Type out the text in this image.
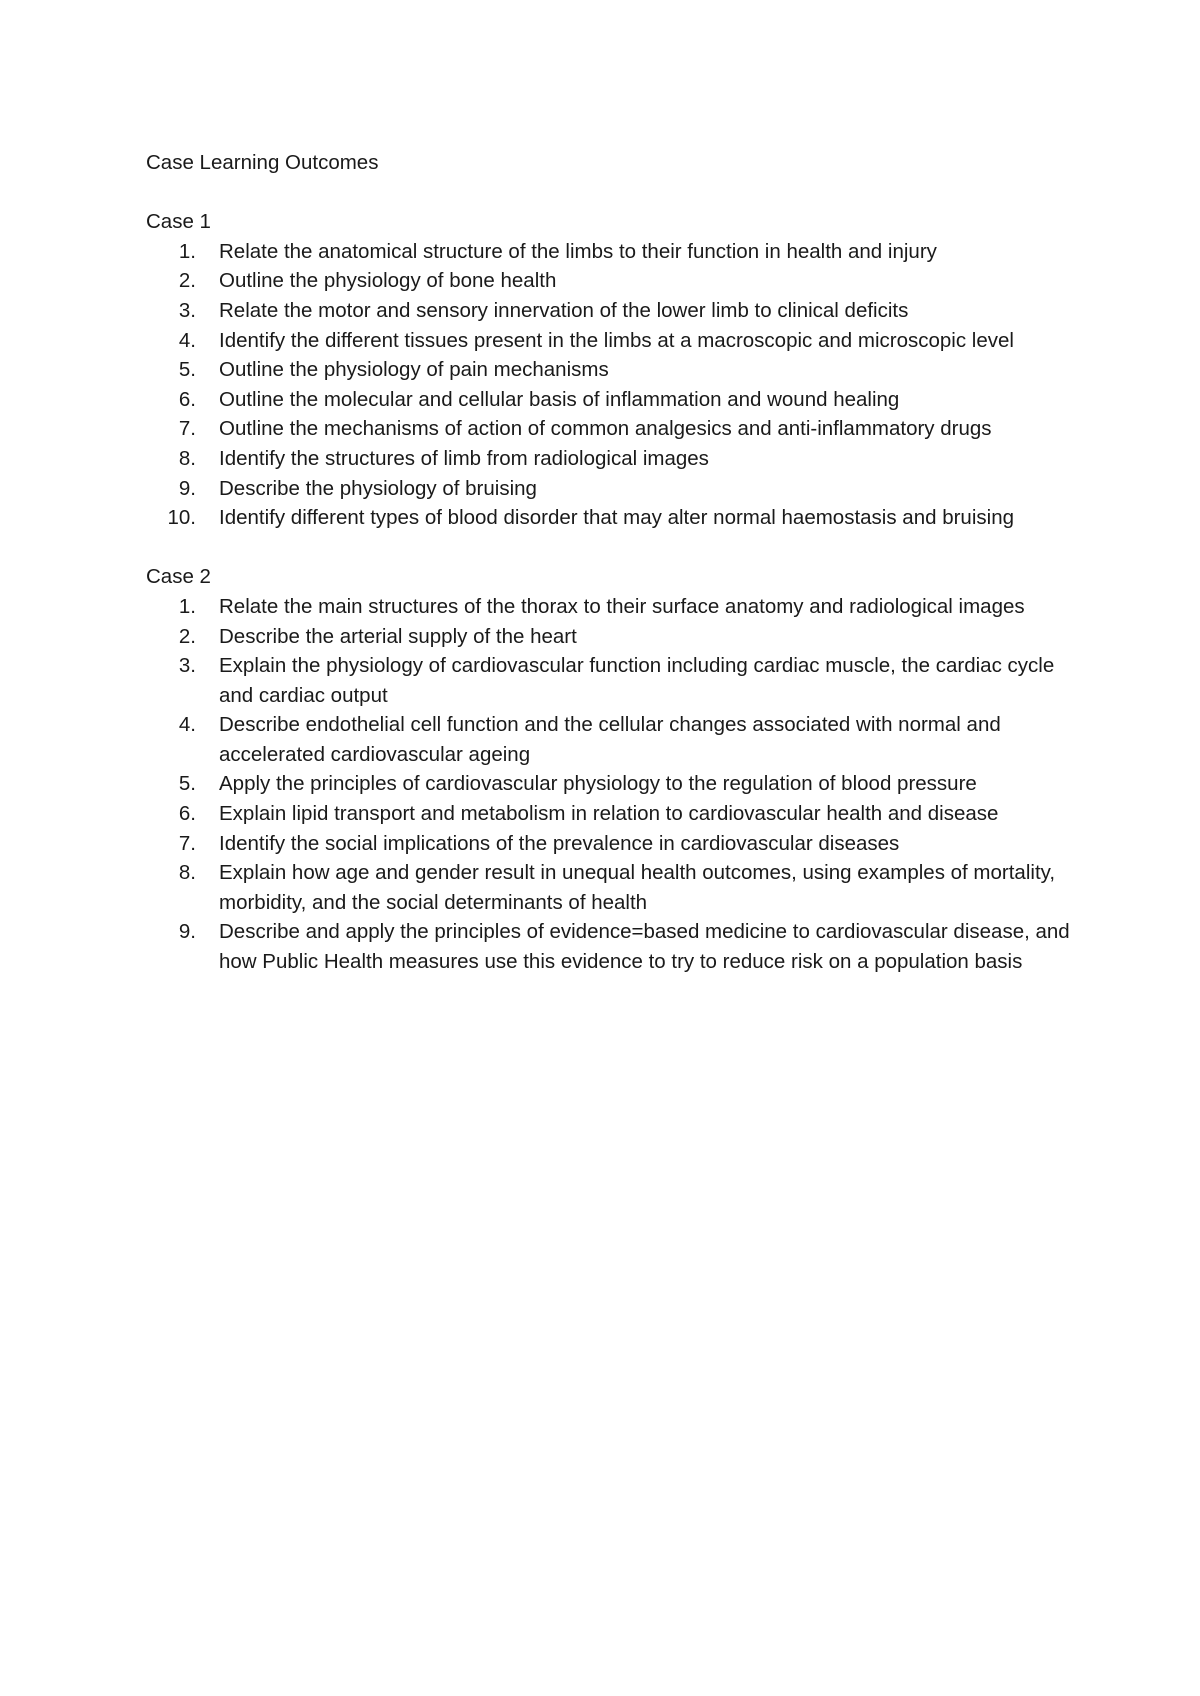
Case Learning Outcomes

Case 1

1. Relate the anatomical structure of the limbs to their function in health and injury
2. Outline the physiology of bone health
3. Relate the motor and sensory innervation of the lower limb to clinical deficits
4. Identify the different tissues present in the limbs at a macroscopic and microscopic level
5. Outline the physiology of pain mechanisms
6. Outline the molecular and cellular basis of inflammation and wound healing
7. Outline the mechanisms of action of common analgesics and anti-inflammatory drugs
8. Identify the structures of limb from radiological images
9. Describe the physiology of bruising
10. Identify different types of blood disorder that may alter normal haemostasis and bruising

Case 2

1. Relate the main structures of the thorax to their surface anatomy and radiological images
2. Describe the arterial supply of the heart
3. Explain the physiology of cardiovascular function including cardiac muscle, the cardiac cycle and cardiac output
4. Describe endothelial cell function and the cellular changes associated with normal and accelerated cardiovascular ageing
5. Apply the principles of cardiovascular physiology to the regulation of blood pressure
6. Explain lipid transport and metabolism in relation to cardiovascular health and disease
7. Identify the social implications of the prevalence in cardiovascular diseases
8. Explain how age and gender result in unequal health outcomes, using examples of mortality, morbidity, and the social determinants of health
9. Describe and apply the principles of evidence=based medicine to cardiovascular disease, and how Public Health measures use this evidence to try to reduce risk on a population basis
